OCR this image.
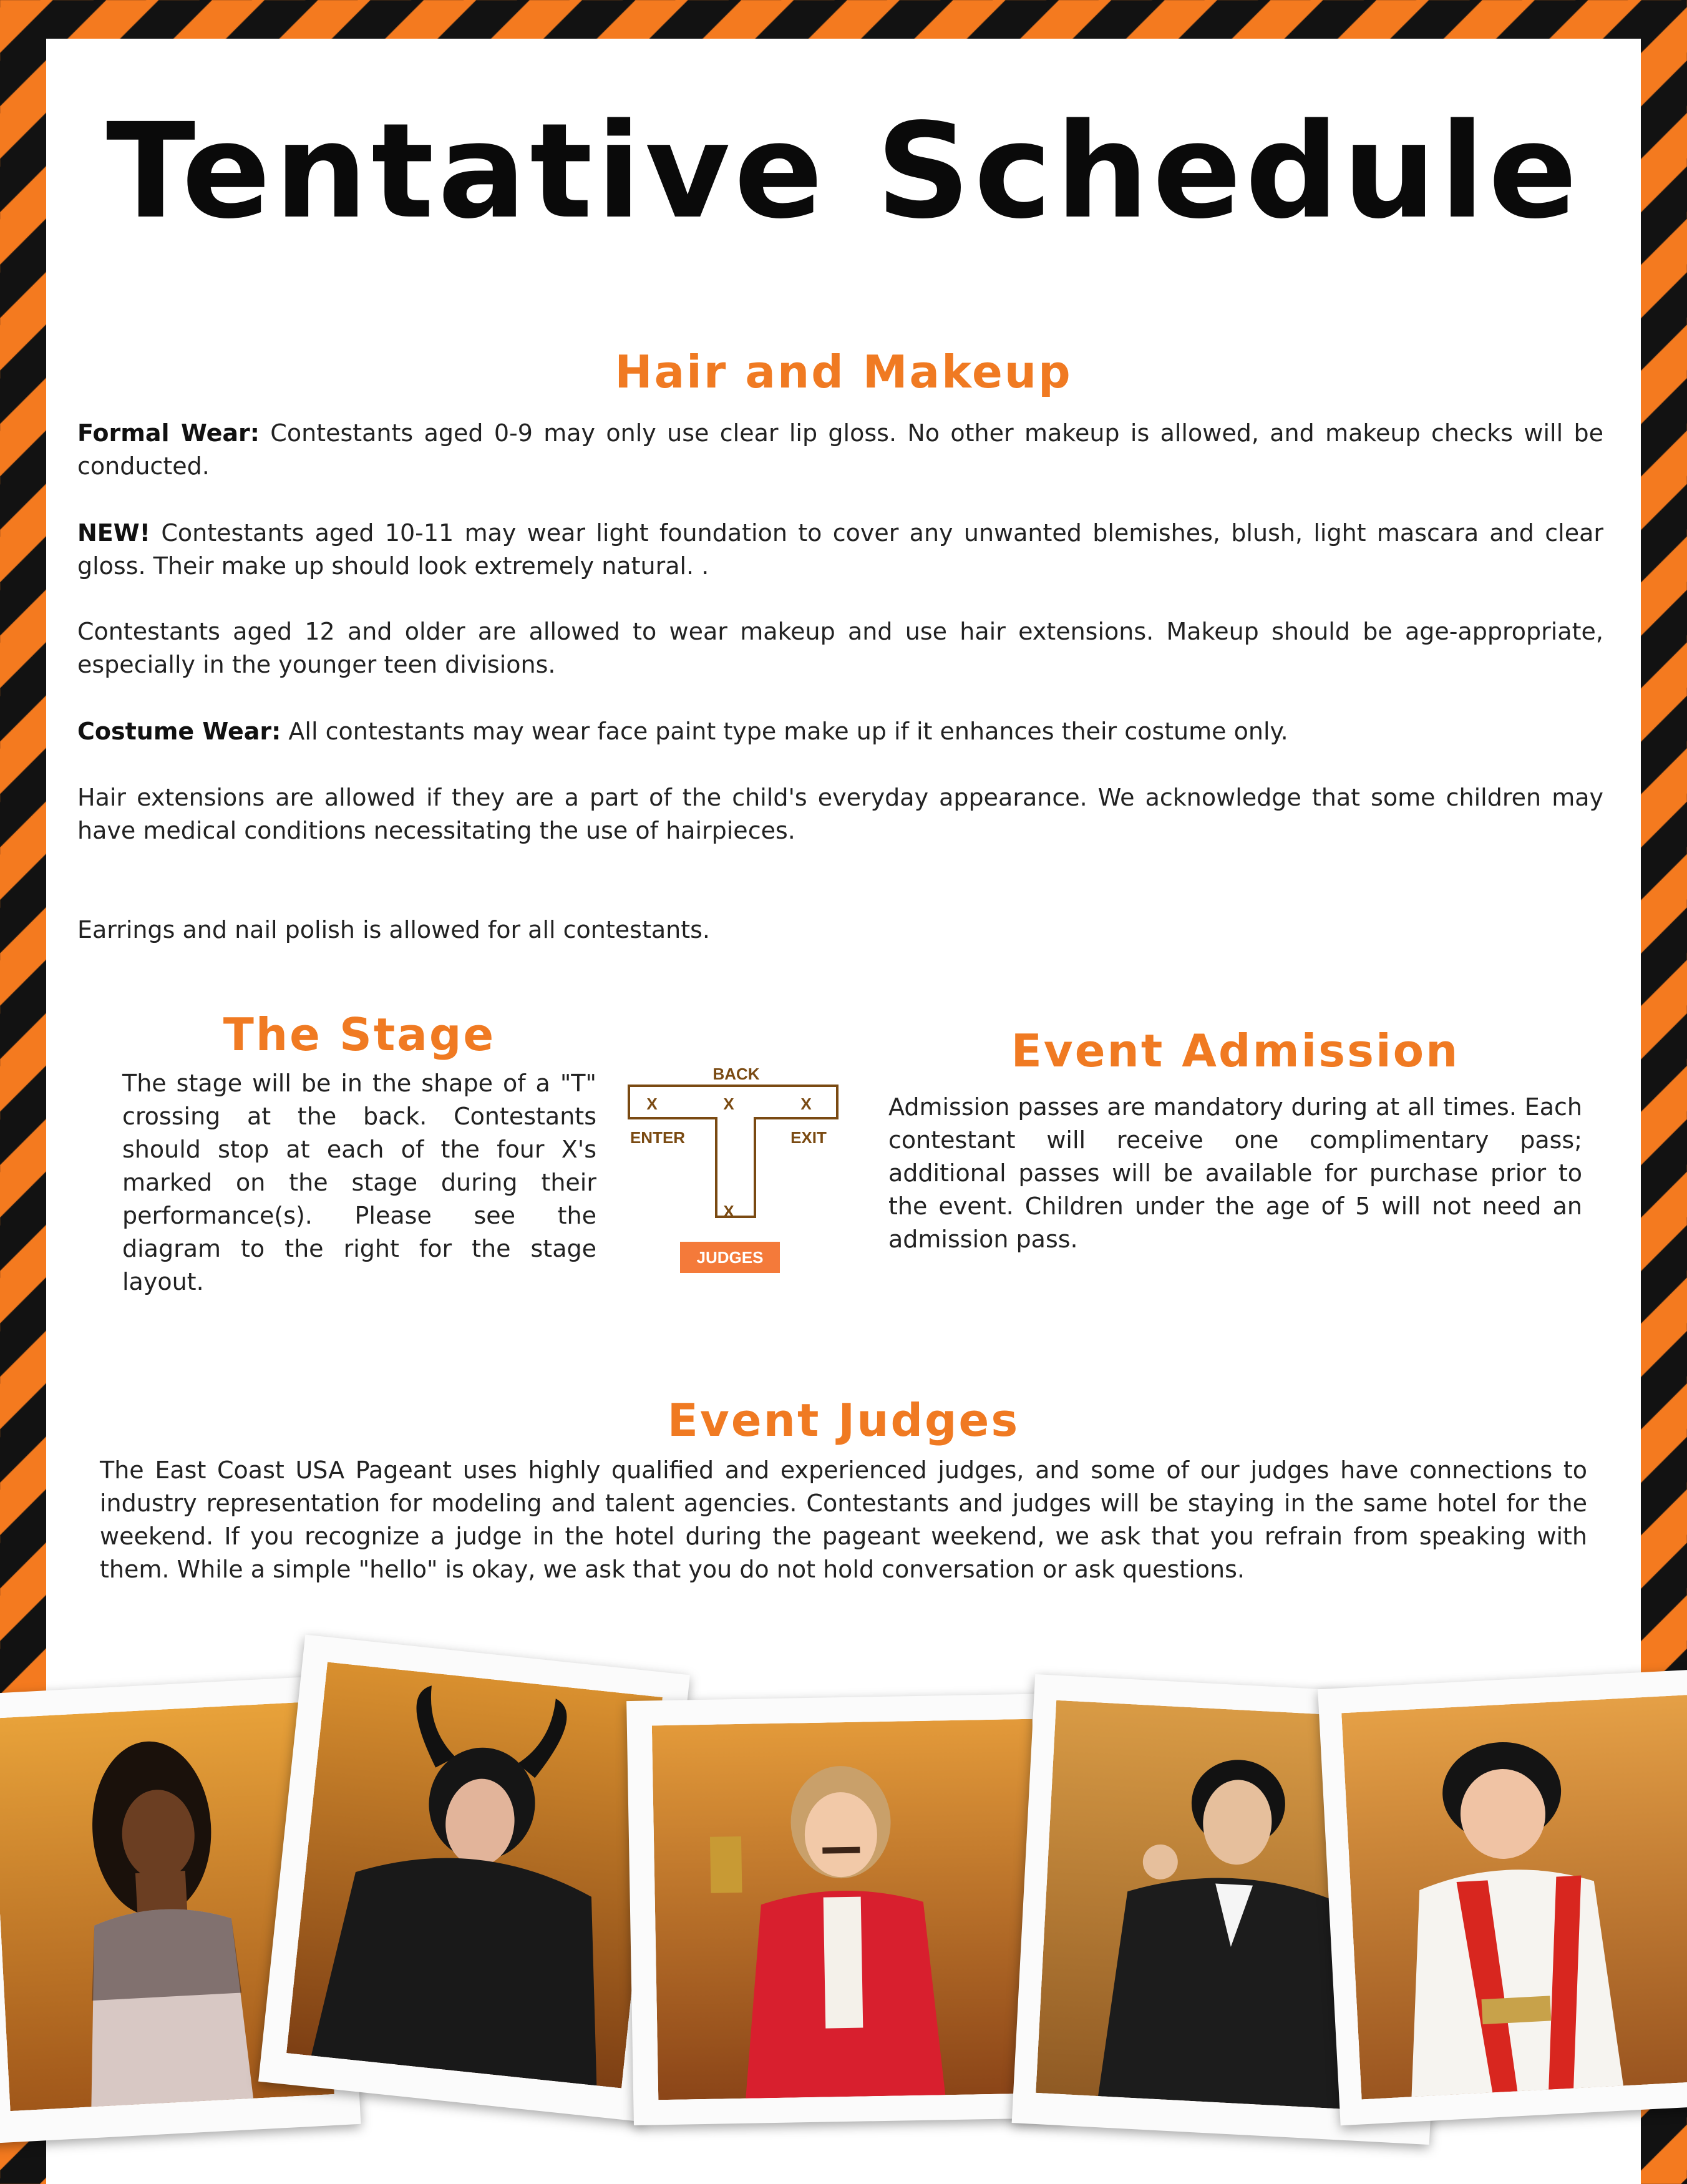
Tentative Schedule
Hair and Makeup

Formal Wear: Contestants aged 0-9 may only use clear lip gloss. No other makeup is allowed, and makeup checks will be conducted.

NEW! Contestants aged 10-11 may wear light foundation to cover any unwanted blemishes, blush, light mascara and clear gloss. Their make up should look extremely natural. .

Contestants aged 12 and older are allowed to wear makeup and use hair extensions. Makeup should be age-appropriate, especially in the younger teen divisions.

Costume Wear: All contestants may wear face paint type make up if it enhances their costume only.

Hair extensions are allowed if they are a part of the child's everyday appearance. We acknowledge that some children may have medical conditions necessitating the use of hairpieces.

Earrings and nail polish is allowed for all contestants.

The Stage

The stage will be in the shape of a "T" crossing at the back. Contestants should stop at each of the four X's marked on the stage during their performance(s). Please see the diagram to the right for the stage layout.

BACK
X	X	X
X
ENTER	EXIT
JUDGES
Event Admission

Admission passes are mandatory during at all times. Each contestant will receive one complimentary pass; additional passes will be available for purchase prior to the event. Children under the age of 5 will not need an admission pass.

Event Judges

The East Coast USA Pageant uses highly qualified and experienced judges, and some of our judges have connections to industry representation for modeling and talent agencies. Contestants and judges will be staying in the same hotel for the weekend. If you recognize a judge in the hotel during the pageant weekend, we ask that you refrain from speaking with them. While a simple "hello" is okay, we ask that you do not hold conversation or ask questions.
